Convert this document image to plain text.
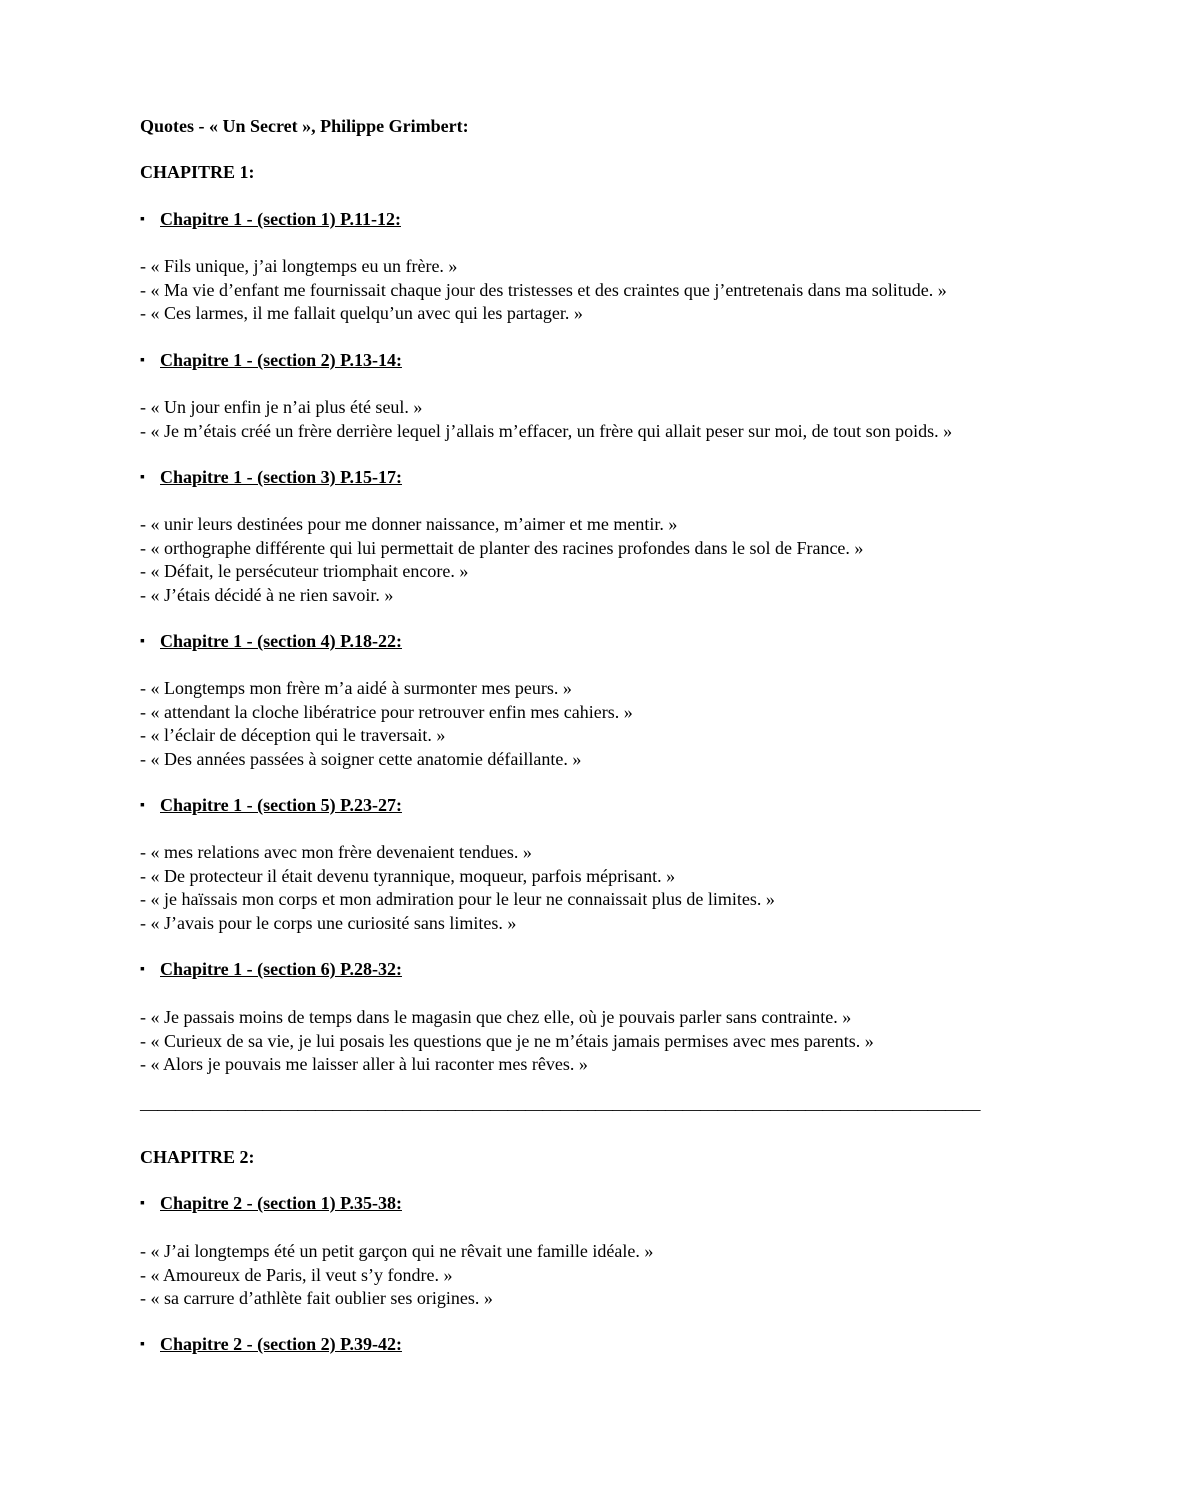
Quotes - « Un Secret », Philippe Grimbert:
CHAPITRE 1:
▪ Chapitre 1 - (section 1) P.11-12:
- « Fils unique, j’ai longtemps eu un frère. »
- « Ma vie d’enfant me fournissait chaque jour des tristesses et des craintes que j’entretenais dans ma solitude. »
- « Ces larmes, il me fallait quelqu’un avec qui les partager. »
▪ Chapitre 1 - (section 2) P.13-14:
- « Un jour enfin je n’ai plus été seul. »
- « Je m’étais créé un frère derrière lequel j’allais m’effacer, un frère qui allait peser sur moi, de tout son poids. »
▪ Chapitre 1 - (section 3) P.15-17:
- « unir leurs destinées pour me donner naissance, m’aimer et me mentir. »
- « orthographe différente qui lui permettait de planter des racines profondes dans le sol de France. »
- « Défait, le persécuteur triomphait encore. »
- « J’étais décidé à ne rien savoir. »
▪ Chapitre 1 - (section 4) P.18-22:
- « Longtemps mon frère m’a aidé à surmonter mes peurs. »
- « attendant la cloche libératrice pour retrouver enfin mes cahiers. »
- « l’éclair de déception qui le traversait. »
- « Des années passées à soigner cette anatomie défaillante. »
▪ Chapitre 1 - (section 5) P.23-27:
- « mes relations avec mon frère devenaient tendues. »
- « De protecteur il était devenu tyrannique, moqueur, parfois méprisant. »
- « je haïssais mon corps et mon admiration pour le leur ne connaissait plus de limites. »
- « J’avais pour le corps une curiosité sans limites. »
▪ Chapitre 1 - (section 6) P.28-32:
- « Je passais moins de temps dans le magasin que chez elle, où je pouvais parler sans contrainte. »
- « Curieux de sa vie, je lui posais les questions que je ne m’étais jamais permises avec mes parents. »
- « Alors je pouvais me laisser aller à lui raconter mes rêves. »
————————————————————————————————————————————————
CHAPITRE 2:
▪ Chapitre 2 - (section 1) P.35-38:
- « J’ai longtemps été un petit garçon qui ne rêvait une famille idéale. »
- « Amoureux de Paris, il veut s’y fondre. »
- « sa carrure d’athlète fait oublier ses origines. »
▪ Chapitre 2 - (section 2) P.39-42:
